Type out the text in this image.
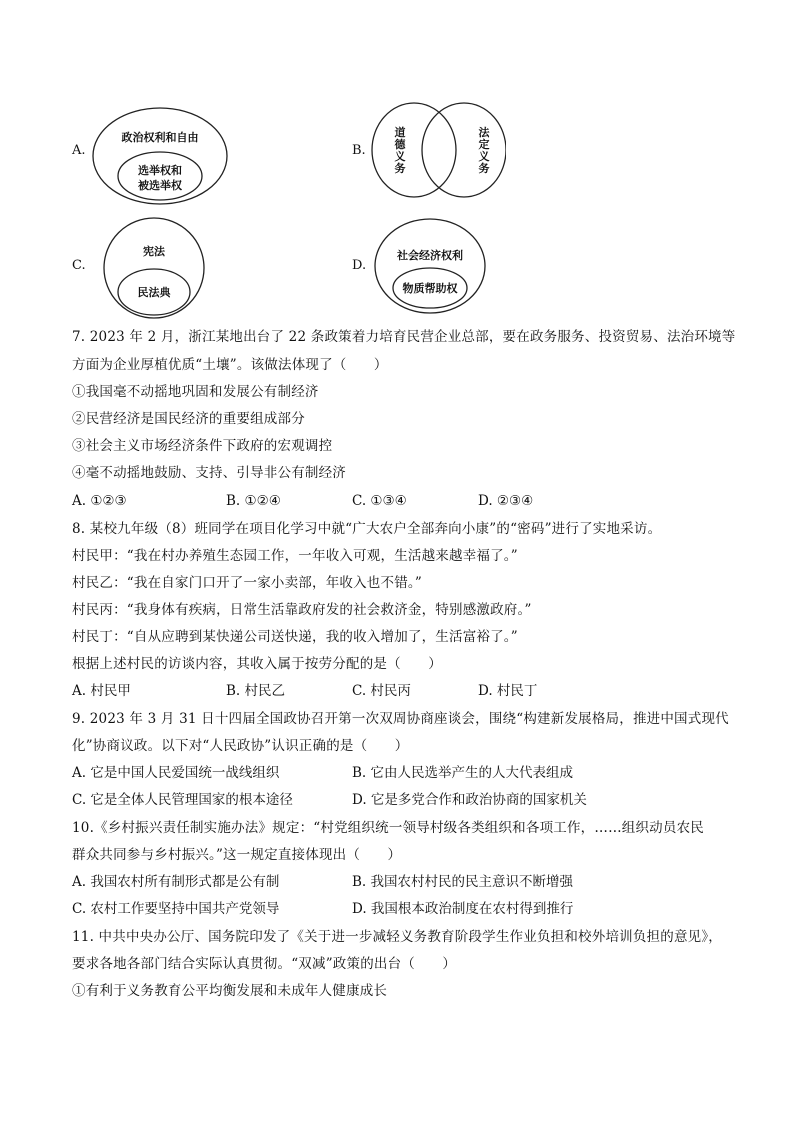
A.
政治权利和自由
选举权和
被选举权
B.
道
德
义
务
法
定
义
务
C.
宪法
民法典
D.
社会经济权利
物质帮助权
7. 2023 年 2 月，浙江某地出台了 22 条政策着力培育民营企业总部，要在政务服务、投资贸易、法治环境等
方面为企业厚植优质“土壤”。该做法体现了（　　）
①我国毫不动摇地巩固和发展公有制经济
②民营经济是国民经济的重要组成部分
③社会主义市场经济条件下政府的宏观调控
④毫不动摇地鼓励、支持、引导非公有制经济
A. ①②③	B. ①②④	C. ①③④	D. ②③④
8. 某校九年级（8）班同学在项目化学习中就“广大农户全部奔向小康”的“密码”进行了实地采访。
村民甲：“我在村办养殖生态园工作，一年收入可观，生活越来越幸福了。”
村民乙：“我在自家门口开了一家小卖部，年收入也不错。”
村民丙：“我身体有疾病，日常生活靠政府发的社会救济金，特别感激政府。”
村民丁：“自从应聘到某快递公司送快递，我的收入增加了，生活富裕了。”
根据上述村民的访谈内容，其收入属于按劳分配的是（　　）
A. 村民甲	B. 村民乙	C. 村民丙	D. 村民丁
9. 2023 年 3 月 31 日十四届全国政协召开第一次双周协商座谈会，围绕“构建新发展格局，推进中国式现代
化”协商议政。以下对“人民政协”认识正确的是（　　）
A. 它是中国人民爱国统一战线组织	B. 它由人民选举产生的人大代表组成
C. 它是全体人民管理国家的根本途径	D. 它是多党合作和政治协商的国家机关
10.《乡村振兴责任制实施办法》规定：“村党组织统一领导村级各类组织和各项工作，……组织动员农民
群众共同参与乡村振兴。”这一规定直接体现出（　　）
A. 我国农村所有制形式都是公有制	B. 我国农村村民的民主意识不断增强
C. 农村工作要坚持中国共产党领导	D. 我国根本政治制度在农村得到推行
11. 中共中央办公厅、国务院印发了《关于进一步减轻义务教育阶段学生作业负担和校外培训负担的意见》，
要求各地各部门结合实际认真贯彻。“双减”政策的出台（　　）
①有利于义务教育公平均衡发展和未成年人健康成长
